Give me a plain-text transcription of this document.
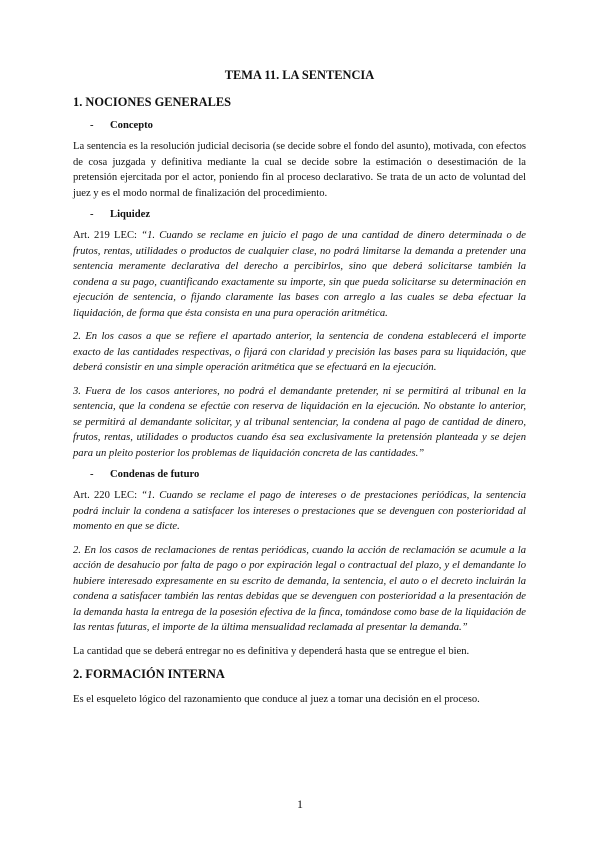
TEMA 11. LA SENTENCIA
1. NOCIONES GENERALES
- Concepto

La sentencia es la resolución judicial decisoria (se decide sobre el fondo del asunto), motivada, con efectos de cosa juzgada y definitiva mediante la cual se decide sobre la estimación o desestimación de la pretensión ejercitada por el actor, poniendo fin al proceso declarativo. Se trata de un acto de voluntad del juez y es el modo normal de finalización del procedimiento.

- Liquidez

Art. 219 LEC: “1. Cuando se reclame en juicio el pago de una cantidad de dinero determinada o de frutos, rentas, utilidades o productos de cualquier clase, no podrá limitarse la demanda a pretender una sentencia meramente declarativa del derecho a percibirlos, sino que deberá solicitarse también la condena a su pago, cuantificando exactamente su importe, sin que pueda solicitarse su determinación en ejecución de sentencia, o fijando claramente las bases con arreglo a las cuales se deba efectuar la liquidación, de forma que ésta consista en una pura operación aritmética.

2. En los casos a que se refiere el apartado anterior, la sentencia de condena establecerá el importe exacto de las cantidades respectivas, o fijará con claridad y precisión las bases para su liquidación, que deberá consistir en una simple operación aritmética que se efectuará en la ejecución.

3. Fuera de los casos anteriores, no podrá el demandante pretender, ni se permitirá al tribunal en la sentencia, que la condena se efectúe con reserva de liquidación en la ejecución. No obstante lo anterior, se permitirá al demandante solicitar, y al tribunal sentenciar, la condena al pago de cantidad de dinero, frutos, rentas, utilidades o productos cuando ésa sea exclusivamente la pretensión planteada y se dejen para un pleito posterior los problemas de liquidación concreta de las cantidades.”

- Condenas de futuro

Art. 220 LEC: “1. Cuando se reclame el pago de intereses o de prestaciones periódicas, la sentencia podrá incluir la condena a satisfacer los intereses o prestaciones que se devenguen con posterioridad al momento en que se dicte.

2. En los casos de reclamaciones de rentas periódicas, cuando la acción de reclamación se acumule a la acción de desahucio por falta de pago o por expiración legal o contractual del plazo, y el demandante lo hubiere interesado expresamente en su escrito de demanda, la sentencia, el auto o el decreto incluirán la condena a satisfacer también las rentas debidas que se devenguen con posterioridad a la presentación de la demanda hasta la entrega de la posesión efectiva de la finca, tomándose como base de la liquidación de las rentas futuras, el importe de la última mensualidad reclamada al presentar la demanda.”

La cantidad que se deberá entregar no es definitiva y dependerá hasta que se entregue el bien.

2. FORMACIÓN INTERNA

Es el esqueleto lógico del razonamiento que conduce al juez a tomar una decisión en el proceso.

1
